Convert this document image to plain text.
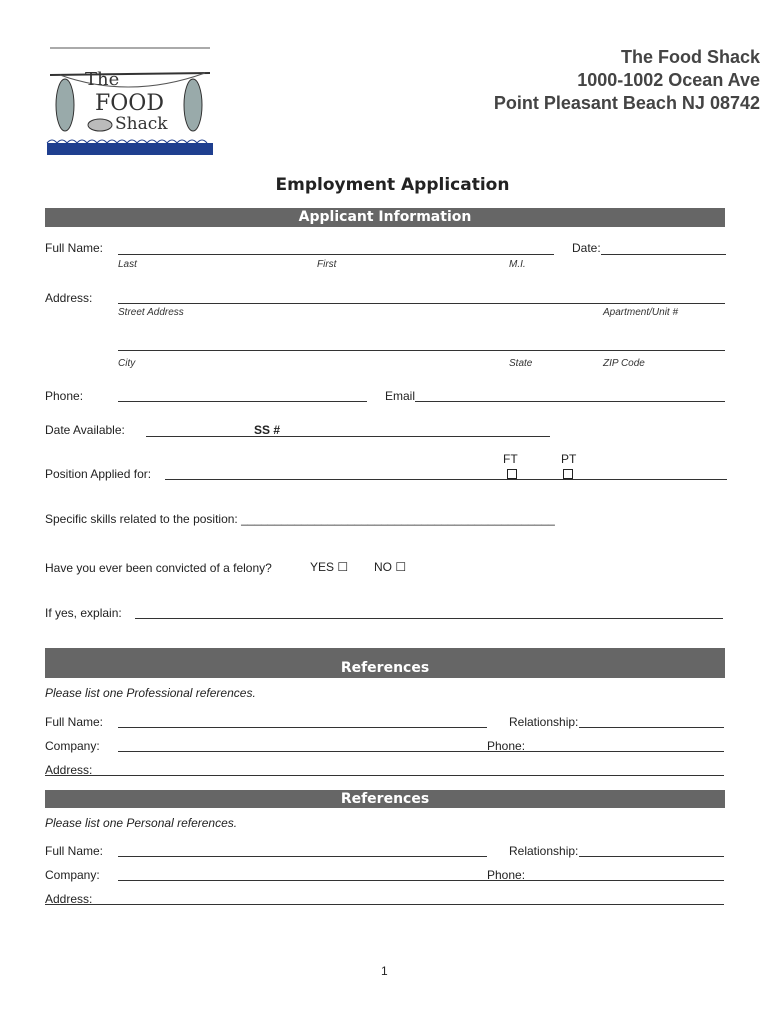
The
FOOD
Shack
The Food Shack
1000-1002 Ocean Ave
Point Pleasant Beach NJ 08742
Employment Application
Applicant Information
Full Name:	Date:
Last	First	M.I.
Address:
Street Address	Apartment/Unit #
City	State	ZIP Code
Phone:	Email
Date Available:	SS #
FT	PT
Position Applied for:
Specific skills related to the position: _______________________________________________
Have you ever been convicted of a felony?	YES ☐ NO ☐
If yes, explain:
References
Please list one Professional references.
Full Name:	Relationship:
Company:	Phone:
Address:
References
Please list one Personal references.
Full Name:	Relationship:
Company:	Phone:
Address:
1
